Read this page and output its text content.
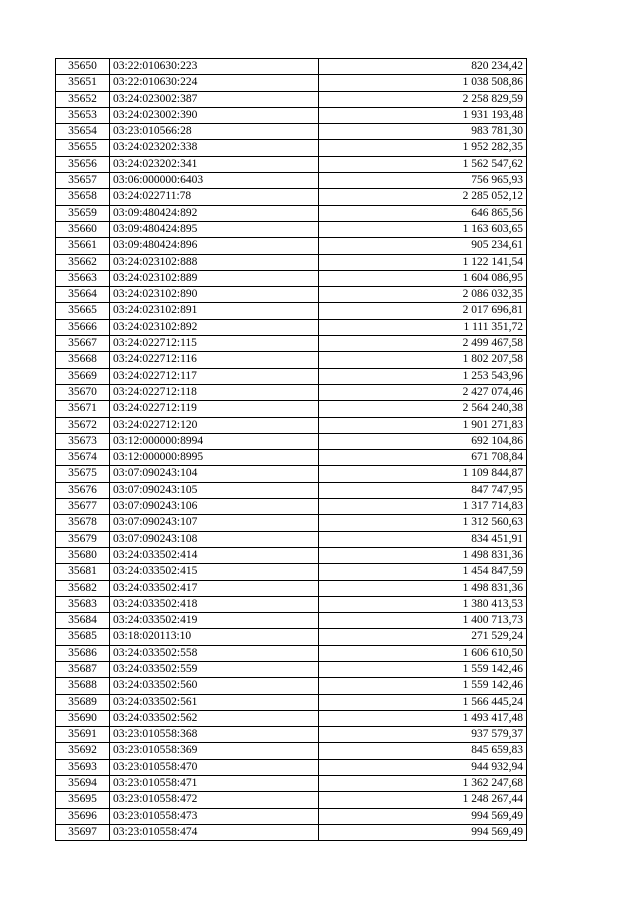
35650	03:22:010630:223	820 234,42
35651	03:22:010630:224	1 038 508,86
35652	03:24:023002:387	2 258 829,59
35653	03:24:023002:390	1 931 193,48
35654	03:23:010566:28	983 781,30
35655	03:24:023202:338	1 952 282,35
35656	03:24:023202:341	1 562 547,62
35657	03:06:000000:6403	756 965,93
35658	03:24:022711:78	2 285 052,12
35659	03:09:480424:892	646 865,56
35660	03:09:480424:895	1 163 603,65
35661	03:09:480424:896	905 234,61
35662	03:24:023102:888	1 122 141,54
35663	03:24:023102:889	1 604 086,95
35664	03:24:023102:890	2 086 032,35
35665	03:24:023102:891	2 017 696,81
35666	03:24:023102:892	1 111 351,72
35667	03:24:022712:115	2 499 467,58
35668	03:24:022712:116	1 802 207,58
35669	03:24:022712:117	1 253 543,96
35670	03:24:022712:118	2 427 074,46
35671	03:24:022712:119	2 564 240,38
35672	03:24:022712:120	1 901 271,83
35673	03:12:000000:8994	692 104,86
35674	03:12:000000:8995	671 708,84
35675	03:07:090243:104	1 109 844,87
35676	03:07:090243:105	847 747,95
35677	03:07:090243:106	1 317 714,83
35678	03:07:090243:107	1 312 560,63
35679	03:07:090243:108	834 451,91
35680	03:24:033502:414	1 498 831,36
35681	03:24:033502:415	1 454 847,59
35682	03:24:033502:417	1 498 831,36
35683	03:24:033502:418	1 380 413,53
35684	03:24:033502:419	1 400 713,73
35685	03:18:020113:10	271 529,24
35686	03:24:033502:558	1 606 610,50
35687	03:24:033502:559	1 559 142,46
35688	03:24:033502:560	1 559 142,46
35689	03:24:033502:561	1 566 445,24
35690	03:24:033502:562	1 493 417,48
35691	03:23:010558:368	937 579,37
35692	03:23:010558:369	845 659,83
35693	03:23:010558:470	944 932,94
35694	03:23:010558:471	1 362 247,68
35695	03:23:010558:472	1 248 267,44
35696	03:23:010558:473	994 569,49
35697	03:23:010558:474	994 569,49
